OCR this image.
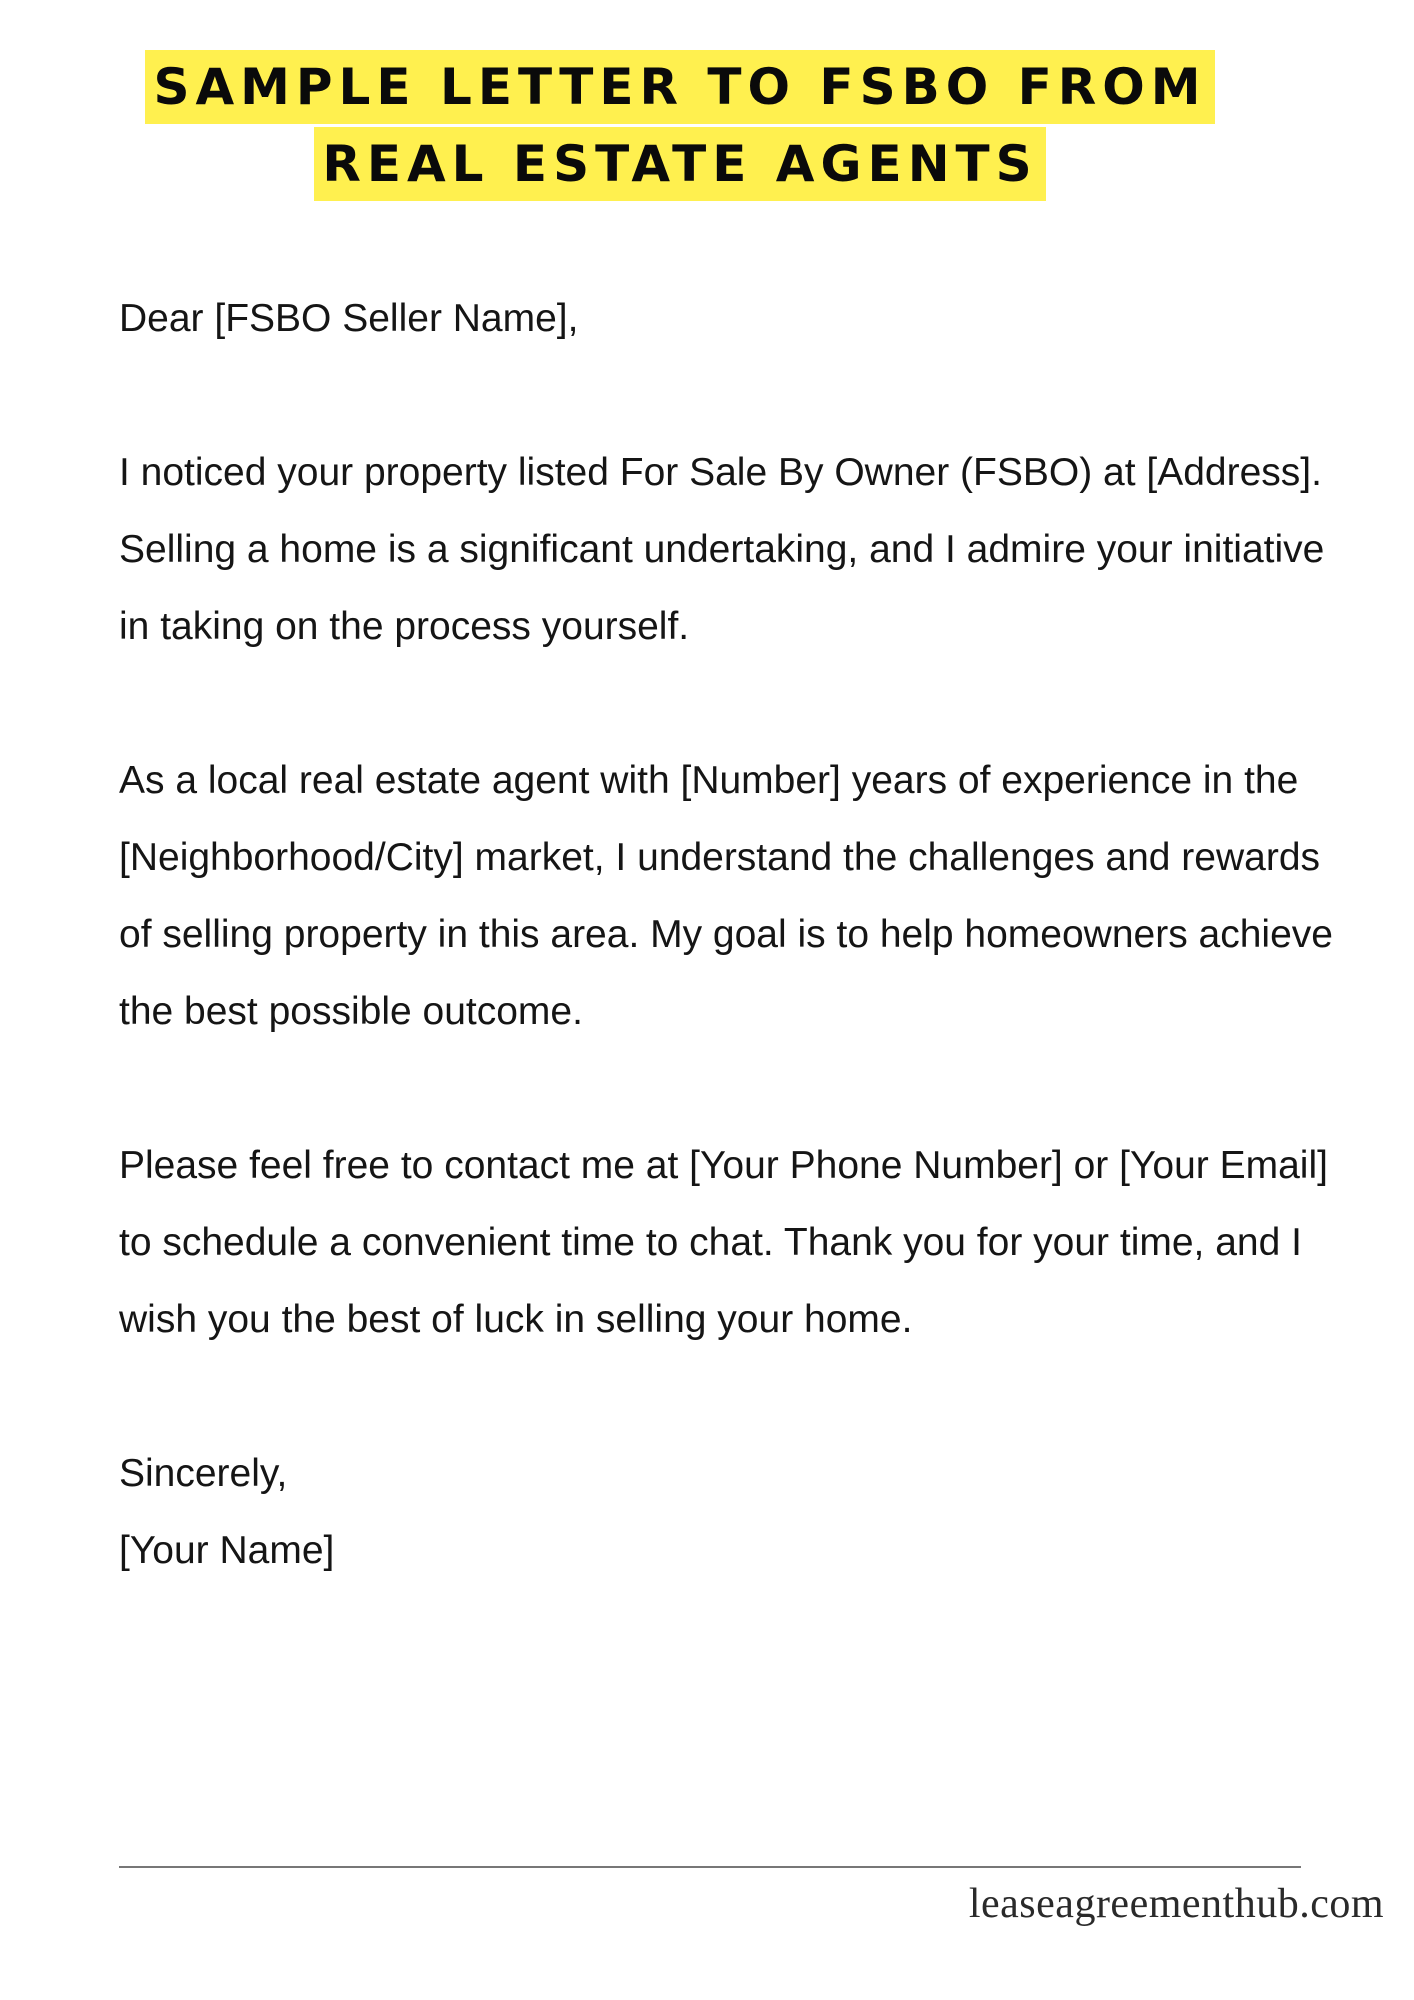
SAMPLE LETTER TO FSBO FROM
REAL ESTATE AGENTS

Dear [FSBO Seller Name],

I noticed your property listed For Sale By Owner (FSBO) at [Address]. Selling a home is a significant undertaking, and I admire your initiative in taking on the process yourself.

As a local real estate agent with [Number] years of experience in the [Neighborhood/City] market, I understand the challenges and rewards of selling property in this area. My goal is to help homeowners achieve the best possible outcome.

Please feel free to contact me at [Your Phone Number] or [Your Email] to schedule a convenient time to chat. Thank you for your time, and I wish you the best of luck in selling your home.

Sincerely,

[Your Name]

leaseagreementhub.com
